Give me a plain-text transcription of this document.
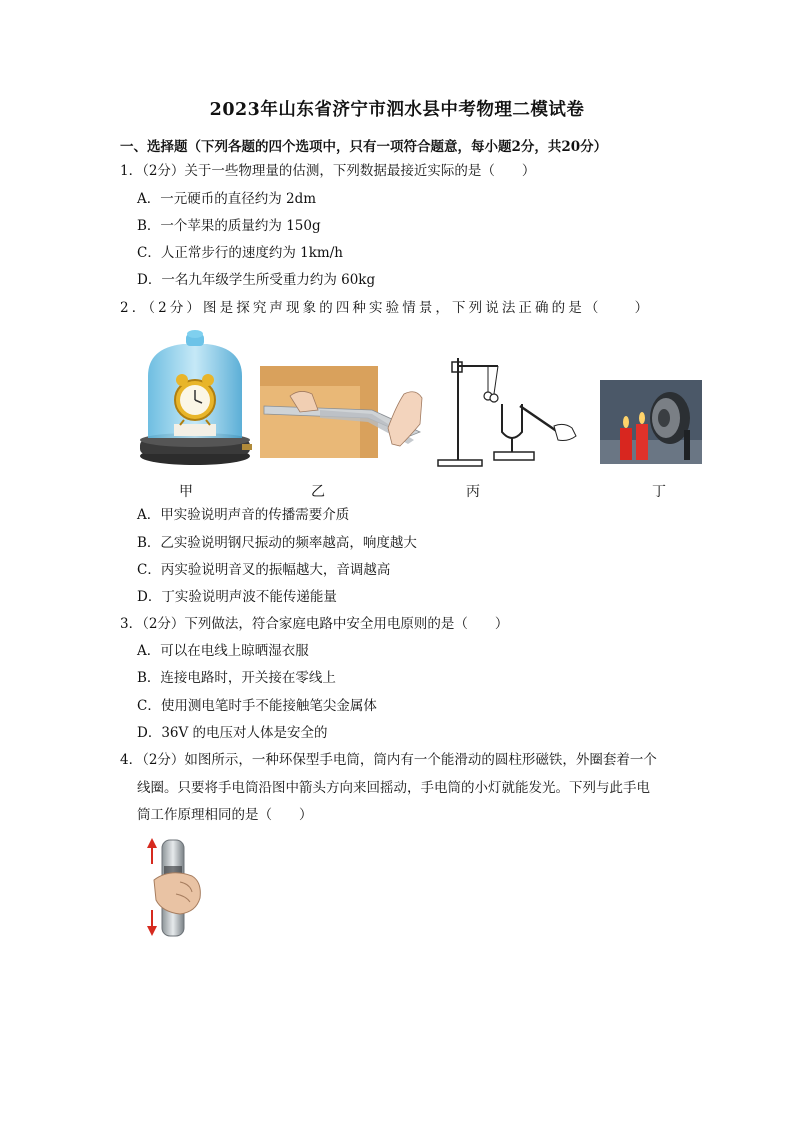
2023年山东省济宁市泗水县中考物理二模试卷
一、选择题（下列各题的四个选项中，只有一项符合题意，每小题2分，共20分）
1．（2分）关于一些物理量的估测，下列数据最接近实际的是（　　）
A．一元硬币的直径约为 2dm
B．一个苹果的质量约为 150g
C．人正常步行的速度约为 1km/h
D．一名九年级学生所受重力约为 60kg
2．（2分）图是探究声现象的四种实验情景，下列说法正确的是（　　）
甲	乙	丙	丁
A．甲实验说明声音的传播需要介质
B．乙实验说明钢尺振动的频率越高，响度越大
C．丙实验说明音叉的振幅越大，音调越高
D．丁实验说明声波不能传递能量
3．（2分）下列做法，符合家庭电路中安全用电原则的是（　　）
A．可以在电线上晾晒湿衣服
B．连接电路时，开关接在零线上
C．使用测电笔时手不能接触笔尖金属体
D．36V 的电压对人体是安全的
4．（2分）如图所示，一种环保型手电筒，筒内有一个能滑动的圆柱形磁铁，外圈套着一个
线圈。只要将手电筒沿图中箭头方向来回摇动，手电筒的小灯就能发光。下列与此手电
筒工作原理相同的是（　　）
